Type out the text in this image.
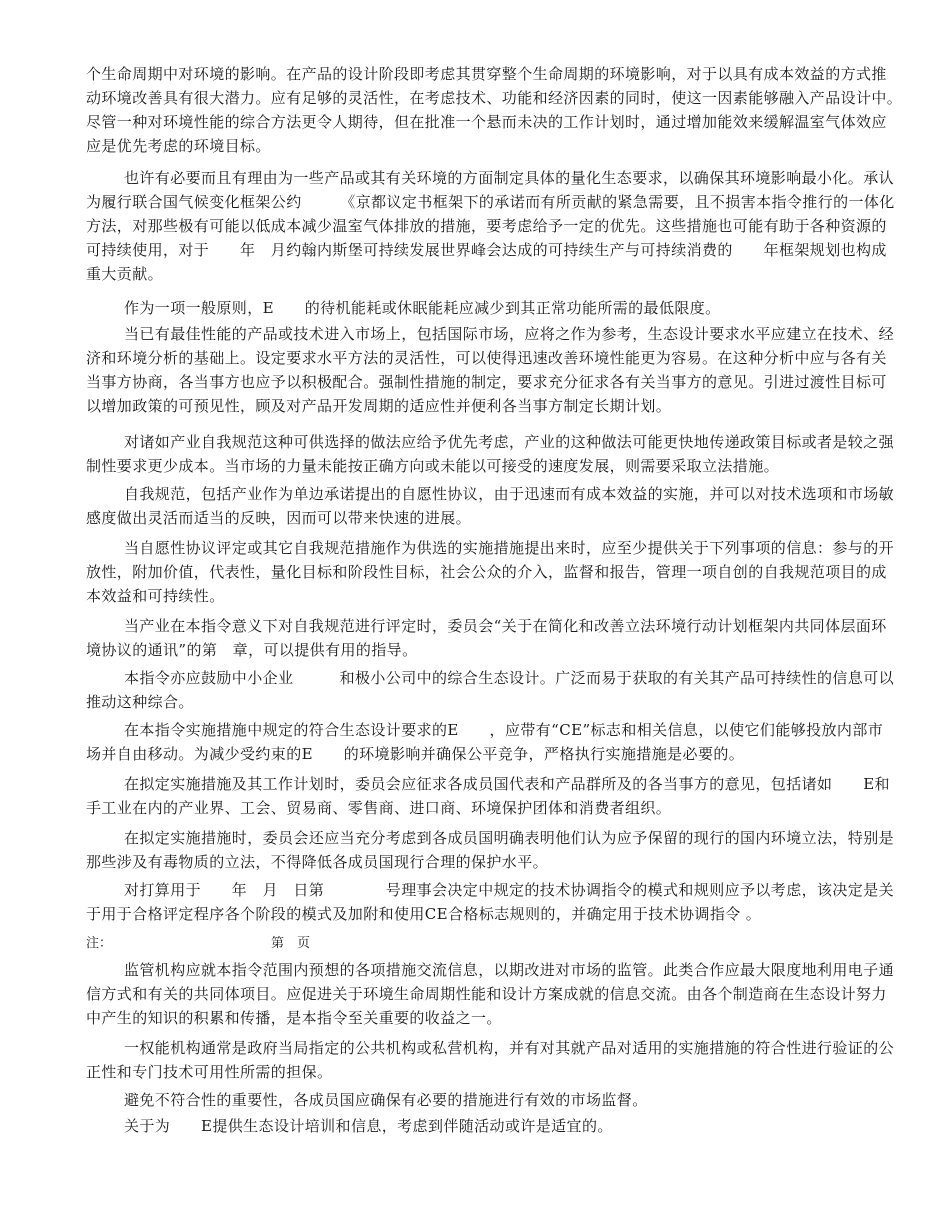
个生命周期中对环境的影响。在产品的设计阶段即考虑其贯穿整个生命周期的环境影响，对于以具有成本效益的方式推动环境改善具有很大潜力。应有足够的灵活性，在考虑技术、功能和经济因素的同时，使这一因素能够融入产品设计中。　　　尽管一种对环境性能的综合方法更令人期待，但在批准一个悬而未决的工作计划时，通过增加能效来缓解温室气体效应应是优先考虑的环境目标。

也许有必要而且有理由为一些产品或其有关环境的方面制定具体的量化生态要求，以确保其环境影响最小化。承认为履行联合国气候变化框架公约　　　《京都议定书框架下的承诺而有所贡献的紧急需要，且不损害本指令推行的一体化方法，对那些极有可能以低成本减少温室气体排放的措施，要考虑给予一定的优先。这些措施也可能有助于各种资源的可持续使用，对于　　年　月约翰内斯堡可持续发展世界峰会达成的可持续生产与可持续消费的　　年框架规划也构成重大贡献。

作为一项一般原则，E　　的待机能耗或休眠能耗应减少到其正常功能所需的最低限度。

当已有最佳性能的产品或技术进入市场上，包括国际市场，应将之作为参考，生态设计要求水平应建立在技术、经济和环境分析的基础上。设定要求水平方法的灵活性，可以使得迅速改善环境性能更为容易。在这种分析中应与各有关当事方协商，各当事方也应予以积极配合。强制性措施的制定，要求充分征求各有关当事方的意见。引进过渡性目标可以增加政策的可预见性，顾及对产品开发周期的适应性并便利各当事方制定长期计划。

对诸如产业自我规范这种可供选择的做法应给予优先考虑，产业的这种做法可能更快地传递政策目标或者是较之强制性要求更少成本。当市场的力量未能按正确方向或未能以可接受的速度发展，则需要采取立法措施。

自我规范，包括产业作为单边承诺提出的自愿性协议，由于迅速而有成本效益的实施，并可以对技术选项和市场敏感度做出灵活而适当的反映，因而可以带来快速的进展。

当自愿性协议评定或其它自我规范措施作为供选的实施措施提出来时，应至少提供关于下列事项的信息：参与的开放性，附加价值，代表性，量化目标和阶段性目标，社会公众的介入，监督和报告，管理一项自创的自我规范项目的成本效益和可持续性。

当产业在本指令意义下对自我规范进行评定时，委员会“关于在简化和改善立法环境行动计划框架内共同体层面环境协议的通讯”的第　章，可以提供有用的指导。

本指令亦应鼓励中小企业　　　和极小公司中的综合生态设计。广泛而易于获取的有关其产品可持续性的信息可以推动这种综合。

在本指令实施措施中规定的符合生态设计要求的E　　，应带有“CE”标志和相关信息，以使它们能够投放内部市场并自由移动。为减少受约束的E　　的环境影响并确保公平竞争，严格执行实施措施是必要的。

在拟定实施措施及其工作计划时，委员会应征求各成员国代表和产品群所及的各当事方的意见，包括诸如　　E和手工业在内的产业界、工会、贸易商、零售商、进口商、环境保护团体和消费者组织。

在拟定实施措施时，委员会还应当充分考虑到各成员国明确表明他们认为应予保留的现行的国内环境立法，特别是那些涉及有毒物质的立法，不得降低各成员国现行合理的保护水平。

对打算用于　　年　月　日第　　　　号理事会决定中规定的技术协调指令的模式和规则应予以考虑，该决定是关于用于合格评定程序各个阶段的模式及加附和使用CE合格标志规则的，并确定用于技术协调指令 。

注：	第　页

监管机构应就本指令范围内预想的各项措施交流信息，以期改进对市场的监管。此类合作应最大限度地利用电子通信方式和有关的共同体项目。应促进关于环境生命周期性能和设计方案成就的信息交流。由各个制造商在生态设计努力中产生的知识的积累和传播，是本指令至关重要的收益之一。

一权能机构通常是政府当局指定的公共机构或私营机构，并有对其就产品对适用的实施措施的符合性进行验证的公正性和专门技术可用性所需的担保。

避免不符合性的重要性，各成员国应确保有必要的措施进行有效的市场监督。

关于为　　E提供生态设计培训和信息，考虑到伴随活动或许是适宜的。
